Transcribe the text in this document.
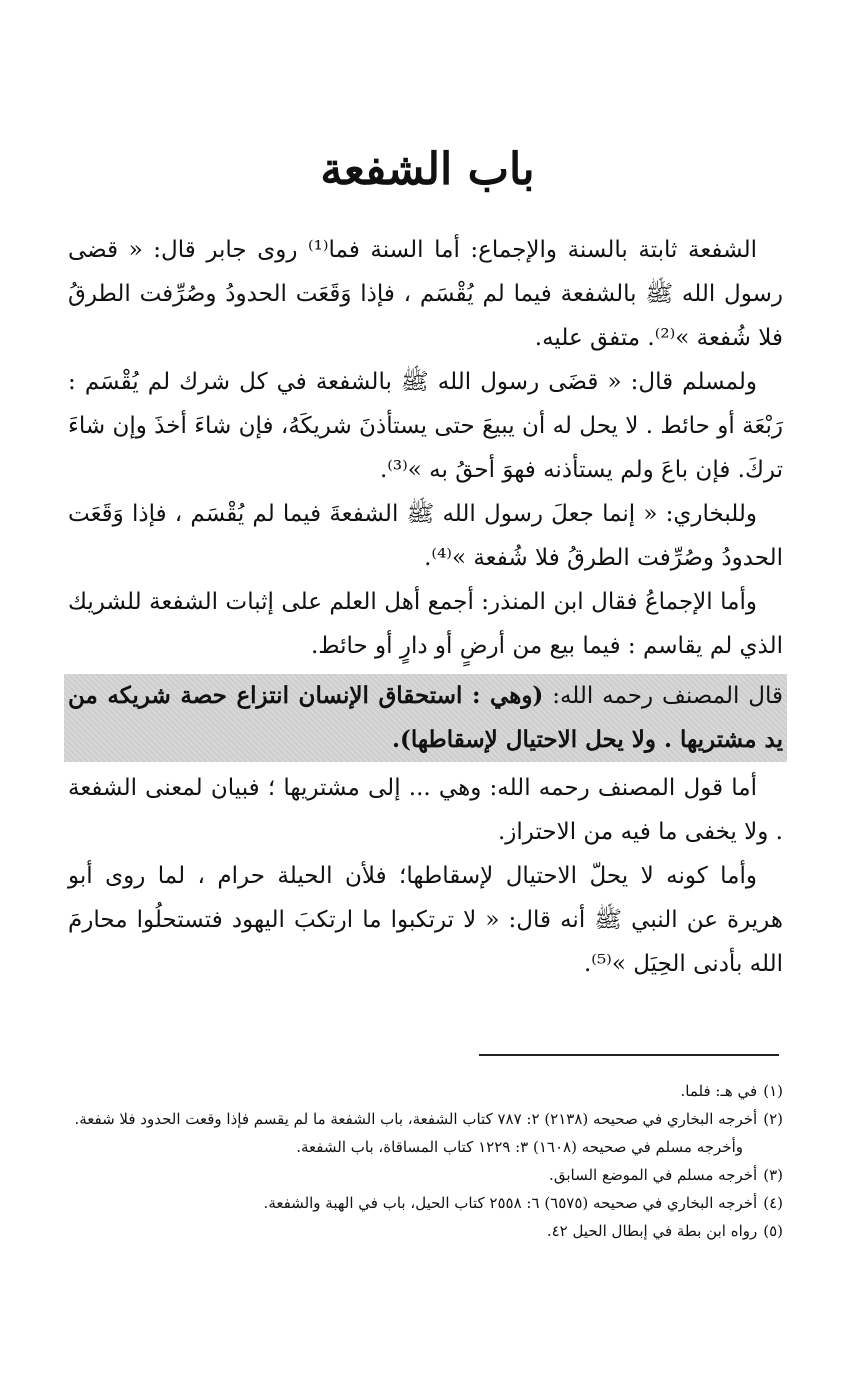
باب الشفعة

الشفعة ثابتة بالسنة والإجماع: أما السنة فما⁽¹⁾ روى جابر قال: « قضى رسول الله ﷺ بالشفعة فيما لم يُقْسَم ، فإذا وَقَعَت الحدودُ وصُرِّفت الطرقُ فلا شُفعة »⁽²⁾. متفق عليه.

ولمسلم قال: « قضَى رسول الله ﷺ بالشفعة في كل شرك لم يُقْسَم : رَبْعَة أو حائط . لا يحل له أن يبيعَ حتى يستأذنَ شريكَهُ، فإن شاءَ أخذَ وإن شاءَ تركَ. فإن باعَ ولم يستأذنه فهوَ أحقُ به »⁽³⁾.

وللبخاري: « إنما جعلَ رسول الله ﷺ الشفعةَ فيما لم يُقْسَم ، فإذا وَقَعَت الحدودُ وصُرِّفت الطرقُ فلا شُفعة »⁽⁴⁾.

وأما الإجماعُ فقال ابن المنذر: أجمع أهل العلم على إثبات الشفعة للشريك الذي لم يقاسم : فيما بيع من أرضٍ أو دارٍ أو حائط.

قال المصنف رحمه الله: (وهي : استحقاق الإنسان انتزاع حصة شريكه من يد مشتريها . ولا يحل الاحتيال لإسقاطها).

أما قول المصنف رحمه الله: وهي ... إلى مشتريها ؛ فبيان لمعنى الشفعة . ولا يخفى ما فيه من الاحتراز.

وأما كونه لا يحلّ الاحتيال لإسقاطها؛ فلأن الحيلة حرام ، لما روى أبو هريرة عن النبي ﷺ أنه قال: « لا ترتكبوا ما ارتكبَ اليهود فتستحلُوا محارمَ الله بأدنى الحِيَل »⁽⁵⁾.

(١)في هـ: فلما.
(٢)أخرجه البخاري في صحيحه (٢١٣٨) ٢: ٧٨٧ كتاب الشفعة، باب الشفعة ما لم يقسم فإذا وقعت الحدود فلا شفعة.
وأخرجه مسلم في صحيحه (١٦٠٨) ٣: ١٢٢٩ كتاب المساقاة، باب الشفعة.
(٣)أخرجه مسلم في الموضع السابق.
(٤)أخرجه البخاري في صحيحه (٦٥٧٥) ٦: ٢٥٥٨ كتاب الحيل، باب في الهبة والشفعة.
(٥)رواه ابن بطة في إبطال الحيل ٤٢.
